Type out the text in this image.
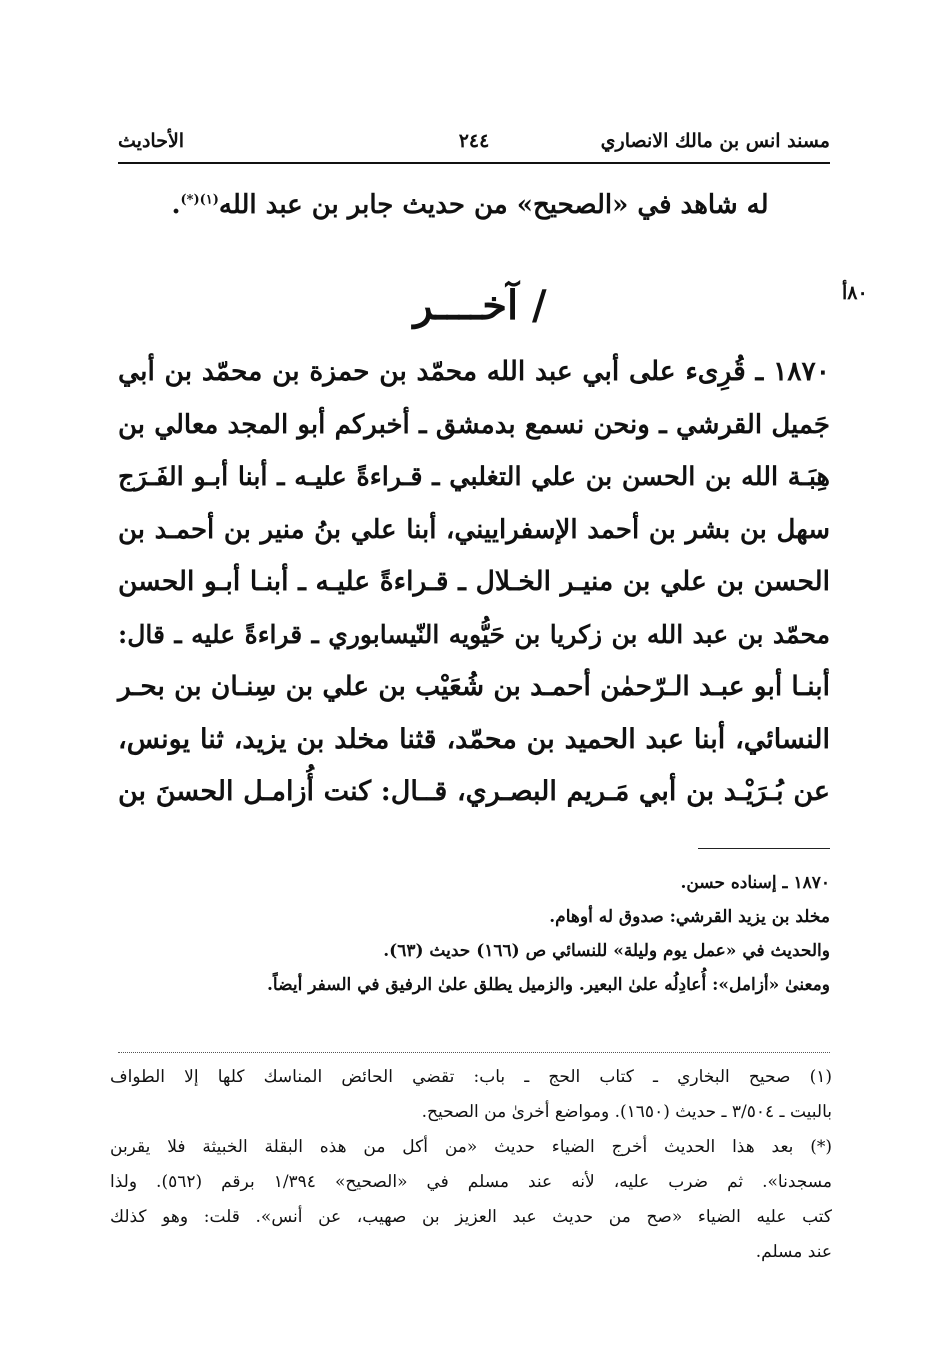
مسند انس بن مالك الانصاري
٢٤٤
الأحاديث
له شاهد في «الصحيح» من حديث جابر بن عبد الله$^{(١)(*)}$.
٨٠أ
/ آخــــر
١٨٧٠ ـ قُرِىء على أبي عبد الله محمّد بن حمزة بن محمّد بن أبي
جَميل القرشي ـ ونحن نسمع بدمشق ـ أخبركم أبو المجد معالي بن
هِبَـة الله بن الحسن بن علي التغلبي ـ قـراءةً عليـه ـ أبنا أبـو الفَـرَج
سهل بن بشر بن أحمد الإسفراييني، أبنا علي بنُ منير بن أحمـد بن
الحسن بن علي بن منيـر الخـلال ـ قـراءةً عليـه ـ أبنـا أبـو الحسن
محمّد بن عبد الله بن زكريا بن حَيُّويه النّيسابوري ـ قراءةً عليه ـ قال:
أبنـا أبو عبـد الـرّحمٰن أحمـد بن شُعَيْب بن علي بن سِنـان بن بحـر
النسائي، أبنا عبد الحميد بن محمّد، قثنا مخلد بن يزيد، ثنا يونس،
عن بُـرَيْـد بن أبي مَـريم البصـري، قــال: كنت أُزامـل الحسنَ بن
١٨٧٠ ـ إسناده حسن.
مخلد بن يزيد القرشي: صدوق له أوهام.
والحديث في «عمل يوم وليلة» للنسائي ص (١٦٦) حديث (٦٣).
ومعنىٰ «أزامل»: أُعادِلُه علىٰ البعير. والزميل يطلق علىٰ الرفيق في السفر أيضاً.
(١) صحيح البخاري ـ كتاب الحج ـ باب: تقضي الحائض المناسك كلها إلا الطواف
بالبيت ـ ٣/٥٠٤ ـ حديث (١٦٥٠). ومواضع أخرىٰ من الصحيح.
(*) بعد هذا الحديث أخرج الضياء حديث «من أكل من هذه البقلة الخبيثة فلا يقربن
مسجدنا». ثم ضرب عليه، لأنه عند مسلم في «الصحيح» ١/٣٩٤ برقم (٥٦٢). ولذا
كتب عليه الضياء «صح من حديث عبد العزيز بن صهيب، عن أنس». قلت: وهو كذلك
عند مسلم.
